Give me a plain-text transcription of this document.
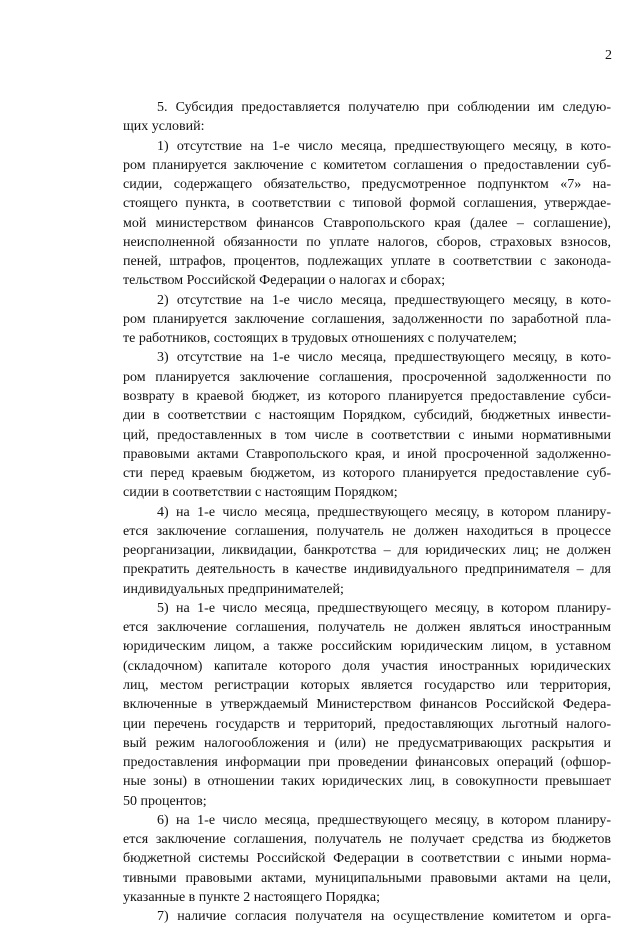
2
5. Субсидия предоставляется получателю при соблюдении им следую-
щих условий:
1) отсутствие на 1-е число месяца, предшествующего месяцу, в кото-
ром планируется заключение с комитетом соглашения о предоставлении суб-
сидии, содержащего обязательство, предусмотренное подпунктом «7» на-
стоящего пункта, в соответствии с типовой формой соглашения, утверждае-
мой министерством финансов Ставропольского края (далее – соглашение),
неисполненной обязанности по уплате налогов, сборов, страховых взносов,
пеней, штрафов, процентов, подлежащих уплате в соответствии с законода-
тельством Российской Федерации о налогах и сборах;
2) отсутствие на 1-е число месяца, предшествующего месяцу, в кото-
ром планируется заключение соглашения, задолженности по заработной пла-
те работников, состоящих в трудовых отношениях с получателем;
3) отсутствие на 1-е число месяца, предшествующего месяцу, в кото-
ром планируется заключение соглашения, просроченной задолженности по
возврату в краевой бюджет, из которого планируется предоставление субси-
дии в соответствии с настоящим Порядком, субсидий, бюджетных инвести-
ций, предоставленных в том числе в соответствии с иными нормативными
правовыми актами Ставропольского края, и иной просроченной задолженно-
сти перед краевым бюджетом, из которого планируется предоставление суб-
сидии в соответствии с настоящим Порядком;
4) на 1-е число месяца, предшествующего месяцу, в котором планиру-
ется заключение соглашения, получатель не должен находиться в процессе
реорганизации, ликвидации, банкротства – для юридических лиц; не должен
прекратить деятельность в качестве индивидуального предпринимателя – для
индивидуальных предпринимателей;
5) на 1-е число месяца, предшествующего месяцу, в котором планиру-
ется заключение соглашения, получатель не должен являться иностранным
юридическим лицом, а также российским юридическим лицом, в уставном
(складочном) капитале которого доля участия иностранных юридических
лиц, местом регистрации которых является государство или территория,
включенные в утверждаемый Министерством финансов Российской Федера-
ции перечень государств и территорий, предоставляющих льготный налого-
вый режим налогообложения и (или) не предусматривающих раскрытия и
предоставления информации при проведении финансовых операций (офшор-
ные зоны) в отношении таких юридических лиц, в совокупности превышает
50 процентов;
6) на 1-е число месяца, предшествующего месяцу, в котором планиру-
ется заключение соглашения, получатель не получает средства из бюджетов
бюджетной системы Российской Федерации в соответствии с иными норма-
тивными правовыми актами, муниципальными правовыми актами на цели,
указанные в пункте 2 настоящего Порядка;
7) наличие согласия получателя на осуществление комитетом и орга-
